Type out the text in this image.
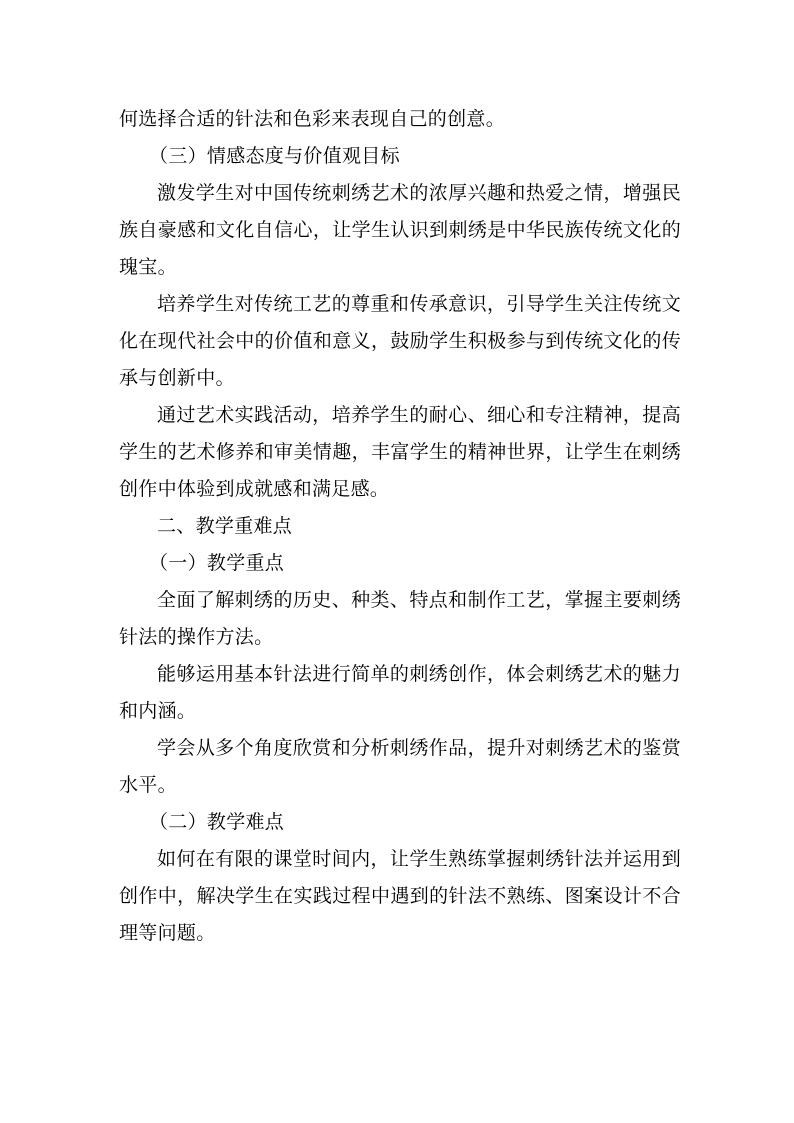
何选择合适的针法和色彩来表现自己的创意。

（三）情感态度与价值观目标

激发学生对中国传统刺绣艺术的浓厚兴趣和热爱之情，增强民族自豪感和文化自信心，让学生认识到刺绣是中华民族传统文化的瑰宝。

培养学生对传统工艺的尊重和传承意识，引导学生关注传统文化在现代社会中的价值和意义，鼓励学生积极参与到传统文化的传承与创新中。

通过艺术实践活动，培养学生的耐心、细心和专注精神，提高学生的艺术修养和审美情趣，丰富学生的精神世界，让学生在刺绣创作中体验到成就感和满足感。

二、教学重难点

（一）教学重点

全面了解刺绣的历史、种类、特点和制作工艺，掌握主要刺绣针法的操作方法。

能够运用基本针法进行简单的刺绣创作，体会刺绣艺术的魅力和内涵。

学会从多个角度欣赏和分析刺绣作品，提升对刺绣艺术的鉴赏水平。

（二）教学难点

如何在有限的课堂时间内，让学生熟练掌握刺绣针法并运用到创作中，解决学生在实践过程中遇到的针法不熟练、图案设计不合理等问题。
